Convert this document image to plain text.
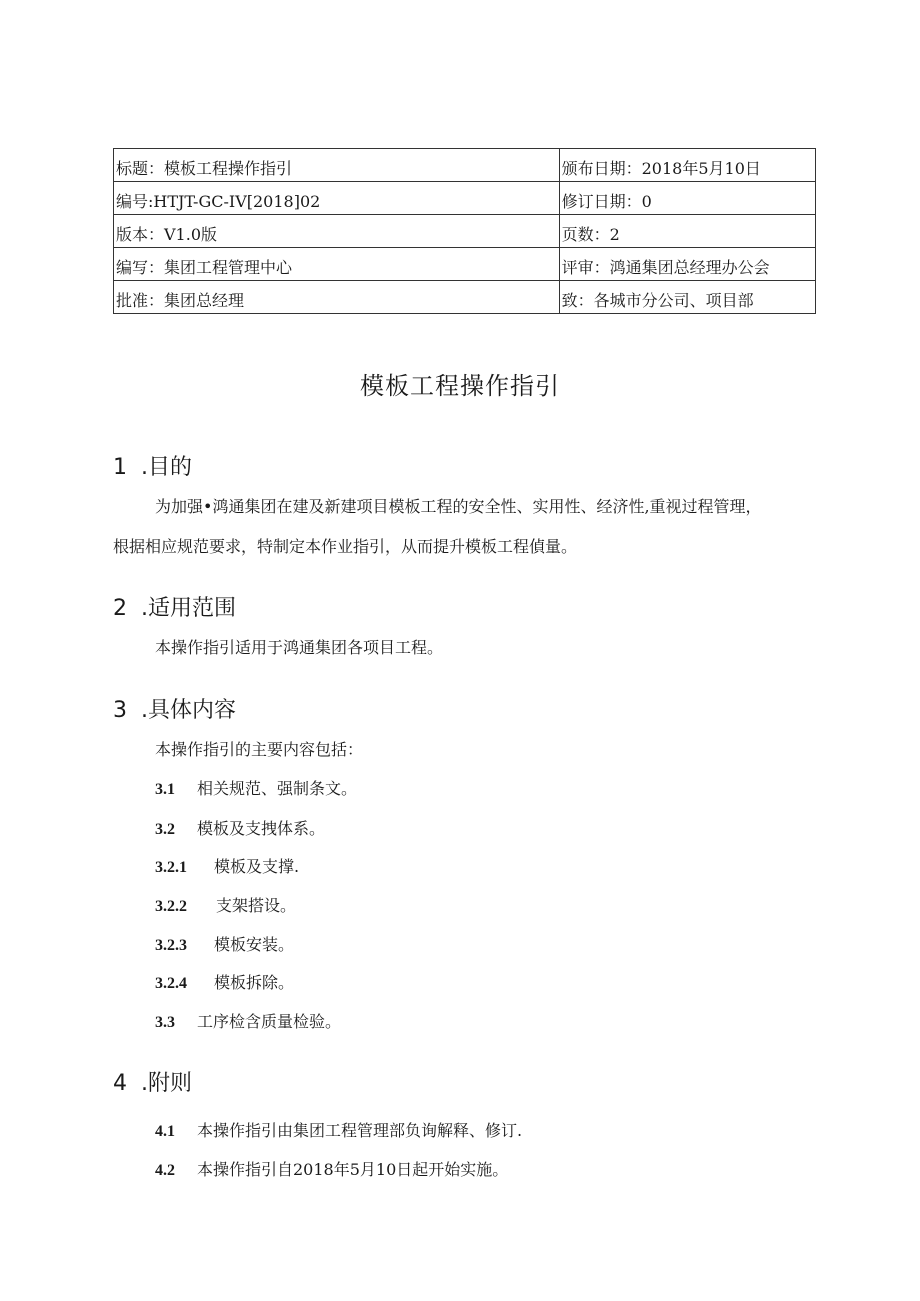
标题：模板工程操作指引	颁布日期：2018年5月10日
编号:HTJT-GC-IV[2018]02	修订日期：0
版本：V1.0版	页数：2
编写：集团工程管理中心	评审：鸿通集团总经理办公会
批准：集团总经理	致：各城市分公司、项目部
模板工程操作指引
1 .目的
为加强•鸿通集团在建及新建项目模板工程的安全性、实用性、经济性,重视过程管理，
根据相应规范要求，特制定本作业指引，从而提升模板工程偵量。
2 .适用范围
本操作指引适用于鸿通集团各项目工程。
3 .具体内容
本操作指引的主要内容包括：
3.1 相关规范、强制条文。
3.2 模板及支拽体系。
3.2.1 模板及支撑.
3.2.2 支架搭设。
3.2.3 模板安装。
3.2.4 模板拆除。
3.3 工序检含质量检验。
4 .附则
4.1 本操作指引由集团工程管理部负询解释、修订.
4.2 本操作指引自2018年5月10日起开始实施。
